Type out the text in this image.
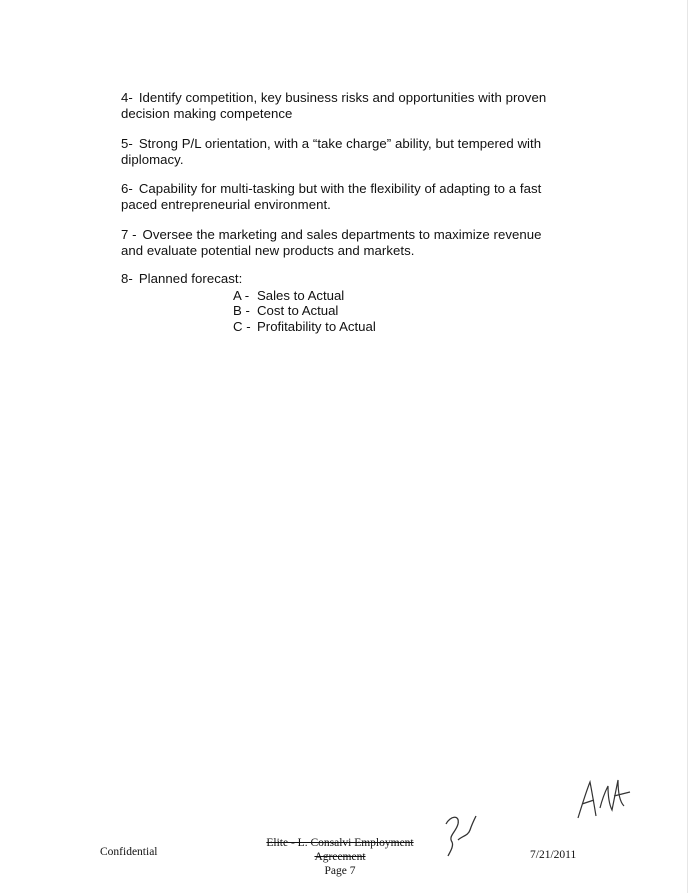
4- Identify competition, key business risks and opportunities with proven decision making competence
5- Strong P/L orientation, with a “take charge” ability, but tempered with diplomacy.
6- Capability for multi-tasking but with the flexibility of adapting to a fast paced entrepreneurial environment.
7 - Oversee the marketing and sales departments to maximize revenue and evaluate potential new products and markets.
8- Planned forecast:
A - Sales to Actual
B - Cost to Actual
C - Profitability to Actual
Confidential
Elite - L. Consalvi Employment Agreement
Page 7
7/21/2011
